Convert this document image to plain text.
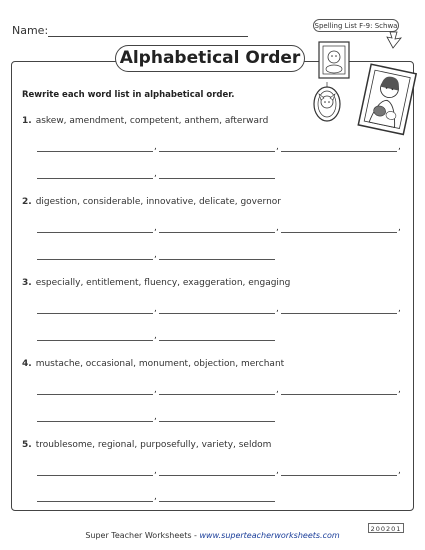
Name:	Spelling List F-9: Schwa
Alphabetical Order
Rewrite each word list in alphabetical order.
1. askew, amendment, competent, anthem, afterward
,	,	,
,
2. digestion, considerable, innovative, delicate, governor
,	,	,
,
3. especially, entitlement, fluency, exaggeration, engaging
,	,	,
,
4. mustache, occasional, monument, objection, merchant
,	,	,
,
5. troublesome, regional, purposefully, variety, seldom
,	,	,
,
Super Teacher Worksheets - www.superteacherworksheets.com
200201
